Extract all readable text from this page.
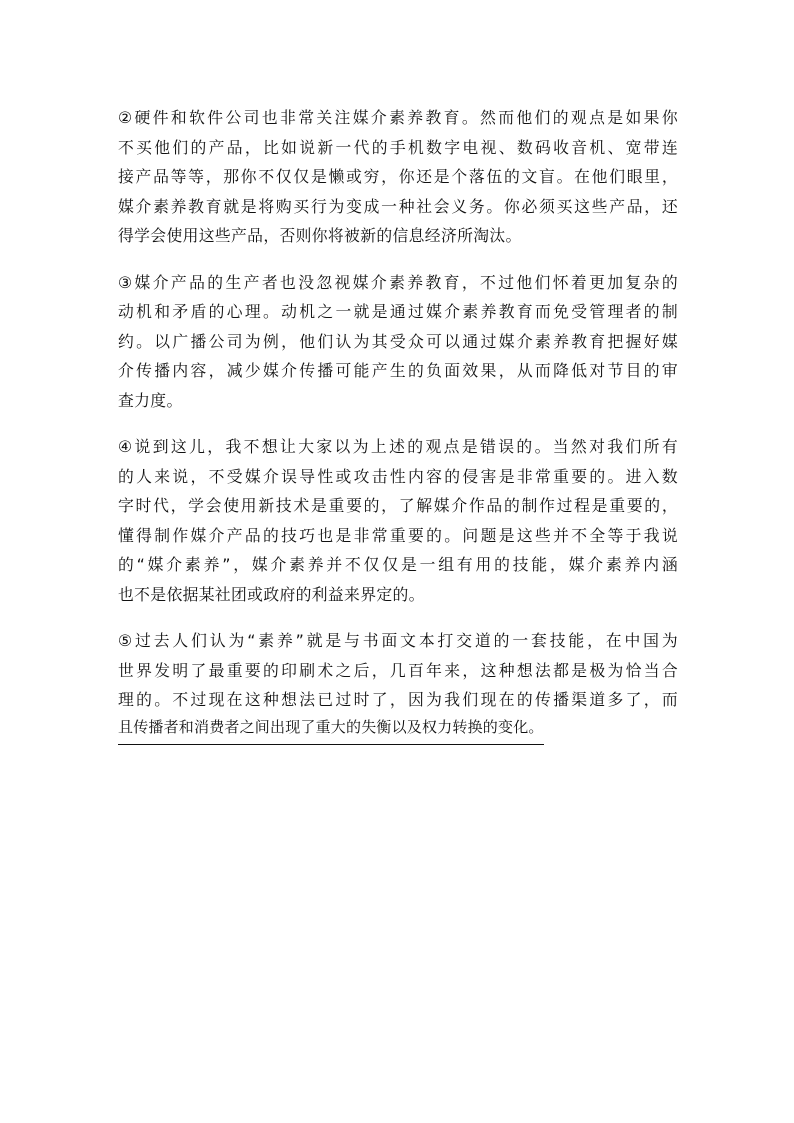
②硬件和软件公司也非常关注媒介素养教育。然而他们的观点是如果你
不买他们的产品，比如说新一代的手机数字电视、数码收音机、宽带连
接产品等等，那你不仅仅是懒或穷，你还是个落伍的文盲。在他们眼里，
媒介素养教育就是将购买行为变成一种社会义务。你必须买这些产品，还
得学会使用这些产品，否则你将被新的信息经济所淘汰。
③媒介产品的生产者也没忽视媒介素养教育，不过他们怀着更加复杂的
动机和矛盾的心理。动机之一就是通过媒介素养教育而免受管理者的制
约。以广播公司为例，他们认为其受众可以通过媒介素养教育把握好媒
介传播内容，减少媒介传播可能产生的负面效果，从而降低对节目的审
查力度。
④说到这儿，我不想让大家以为上述的观点是错误的。当然对我们所有
的人来说，不受媒介误导性或攻击性内容的侵害是非常重要的。进入数
字时代，学会使用新技术是重要的，了解媒介作品的制作过程是重要的，
懂得制作媒介产品的技巧也是非常重要的。问题是这些并不全等于我说
的“媒介素养”，媒介素养并不仅仅是一组有用的技能，媒介素养内涵
也不是依据某社团或政府的利益来界定的。
⑤过去人们认为“素养”就是与书面文本打交道的一套技能，在中国为
世界发明了最重要的印刷术之后，几百年来，这种想法都是极为恰当合
理的。不过现在这种想法已过时了，因为我们现在的传播渠道多了，而
且传播者和消费者之间出现了重大的失衡以及权力转换的变化。
